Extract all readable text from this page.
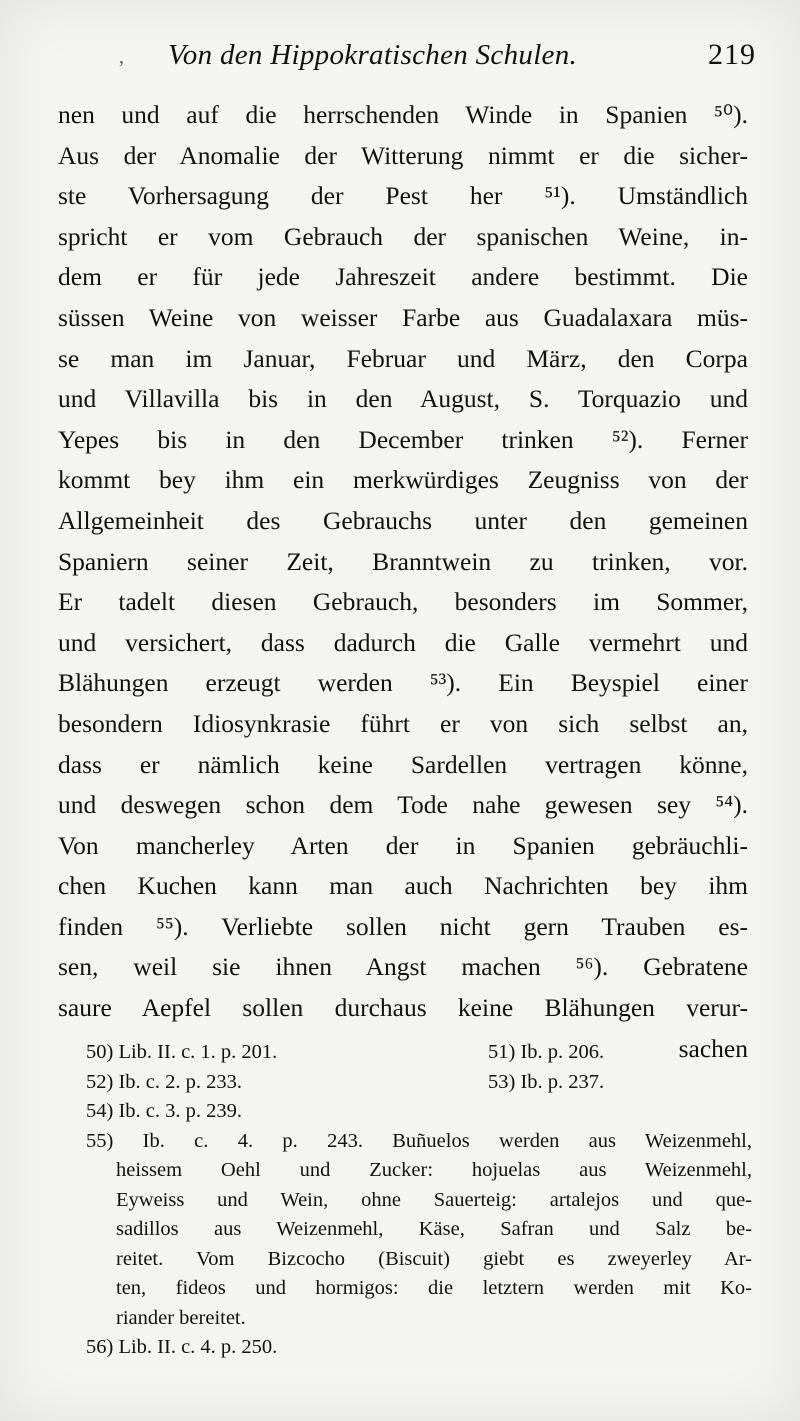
‚ Von den Hippokratischen Schulen.	219
nen und auf die herrschenden Winde in Spanien ⁵⁰).
Aus der Anomalie der Witterung nimmt er die sicher-
ste Vorhersagung der Pest her ⁵¹). Umständlich
spricht er vom Gebrauch der spanischen Weine, in-
dem er für jede Jahreszeit andere bestimmt. Die
süssen Weine von weisser Farbe aus Guadalaxara müs-
se man im Januar, Februar und März, den Corpa
und Villavilla bis in den August, S. Torquazio und
Yepes bis in den December trinken ⁵²). Ferner
kommt bey ihm ein merkwürdiges Zeugniss von der
Allgemeinheit des Gebrauchs unter den gemeinen
Spaniern seiner Zeit, Branntwein zu trinken, vor.
Er tadelt diesen Gebrauch, besonders im Sommer,
und versichert, dass dadurch die Galle vermehrt und
Blähungen erzeugt werden ⁵³). Ein Beyspiel einer
besondern Idiosynkrasie führt er von sich selbst an,
dass er nämlich keine Sardellen vertragen könne,
und deswegen schon dem Tode nahe gewesen sey ⁵⁴).
Von mancherley Arten der in Spanien gebräuchli-
chen Kuchen kann man auch Nachrichten bey ihm
finden ⁵⁵). Verliebte sollen nicht gern Trauben es-
sen, weil sie ihnen Angst machen ⁵⁶). Gebratene
saure Aepfel sollen durchaus keine Blähungen verur-
sachen
50) Lib. II. c. 1. p. 201.	51) Ib. p. 206.
52) Ib. c. 2. p. 233.	53) Ib. p. 237.
54) Ib. c. 3. p. 239.
55) Ib. c. 4. p. 243. Buñuelos werden aus Weizenmehl,
heissem Oehl und Zucker: hojuelas aus Weizenmehl,
Eyweiss und Wein, ohne Sauerteig: artalejos und que-
sadillos aus Weizenmehl, Käse, Safran und Salz be-
reitet. Vom Bizcocho (Biscuit) giebt es zweyerley Ar-
ten, fideos und hormigos: die letztern werden mit Ko-
riander bereitet.
56) Lib. II. c. 4. p. 250.
